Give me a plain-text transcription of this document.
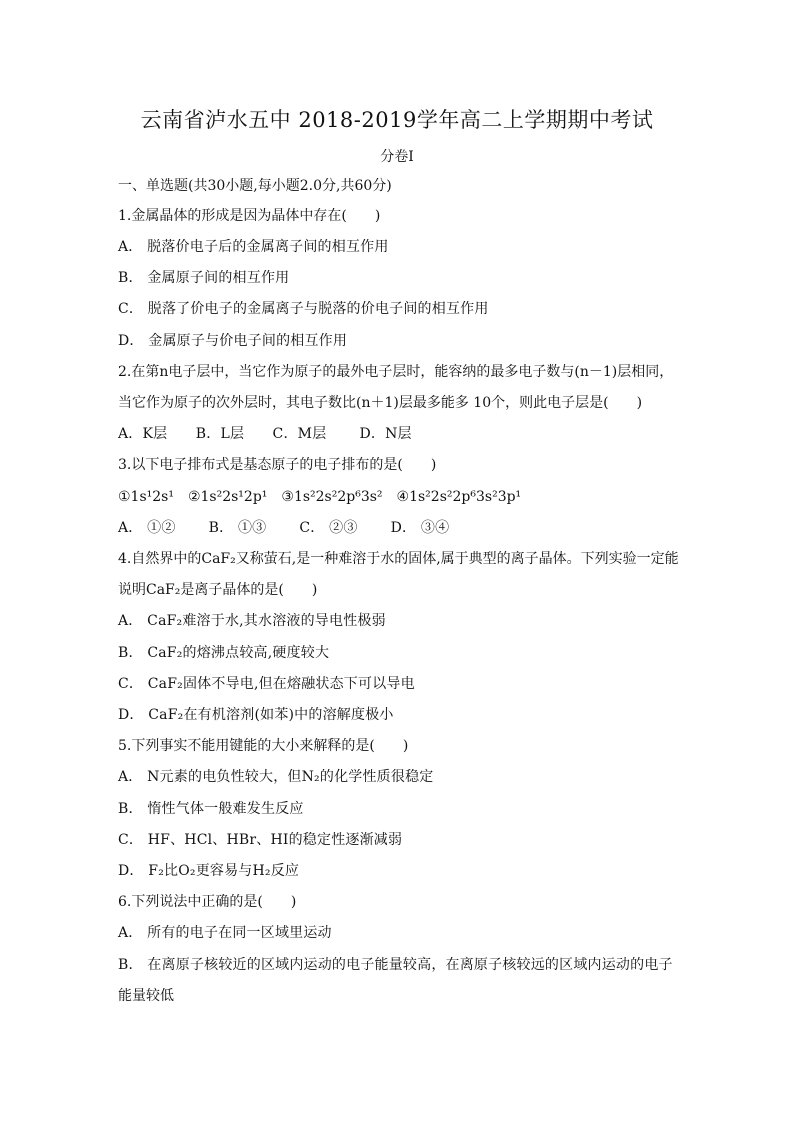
云南省泸水五中 2018-2019学年高二上学期期中考试
分卷I
一、单选题(共30小题,每小题2.0分,共60分)
1.金属晶体的形成是因为晶体中存在(　　)
A． 脱落价电子后的金属离子间的相互作用
B． 金属原子间的相互作用
C． 脱落了价电子的金属离子与脱落的价电子间的相互作用
D． 金属原子与价电子间的相互作用
2.在第n电子层中，当它作为原子的最外电子层时，能容纳的最多电子数与(n－1)层相同，
当它作为原子的次外层时，其电子数比(n＋1)层最多能多 10个，则此电子层是(　　)
A．K层　　B．L层　　C．M层　　 D．N层
3.以下电子排布式是基态原子的电子排布的是(　　)
①1s¹2s¹　②1s²2s¹2p¹　③1s²2s²2p⁶3s²　④1s²2s²2p⁶3s²3p¹
A． ①②　　 B． ①③　　 C． ②③　　 D． ③④
4.自然界中的CaF₂又称萤石,是一种难溶于水的固体,属于典型的离子晶体。下列实验一定能
说明CaF₂是离子晶体的是(　　)
A． CaF₂难溶于水,其水溶液的导电性极弱
B． CaF₂的熔沸点较高,硬度较大
C． CaF₂固体不导电,但在熔融状态下可以导电
D． CaF₂在有机溶剂(如苯)中的溶解度极小
5.下列事实不能用键能的大小来解释的是(　　)
A． N元素的电负性较大，但N₂的化学性质很稳定
B． 惰性气体一般难发生反应
C． HF、HCl、HBr、HI的稳定性逐渐减弱
D． F₂比O₂更容易与H₂反应
6.下列说法中正确的是(　　)
A． 所有的电子在同一区域里运动
B． 在离原子核较近的区域内运动的电子能量较高，在离原子核较远的区域内运动的电子
能量较低
